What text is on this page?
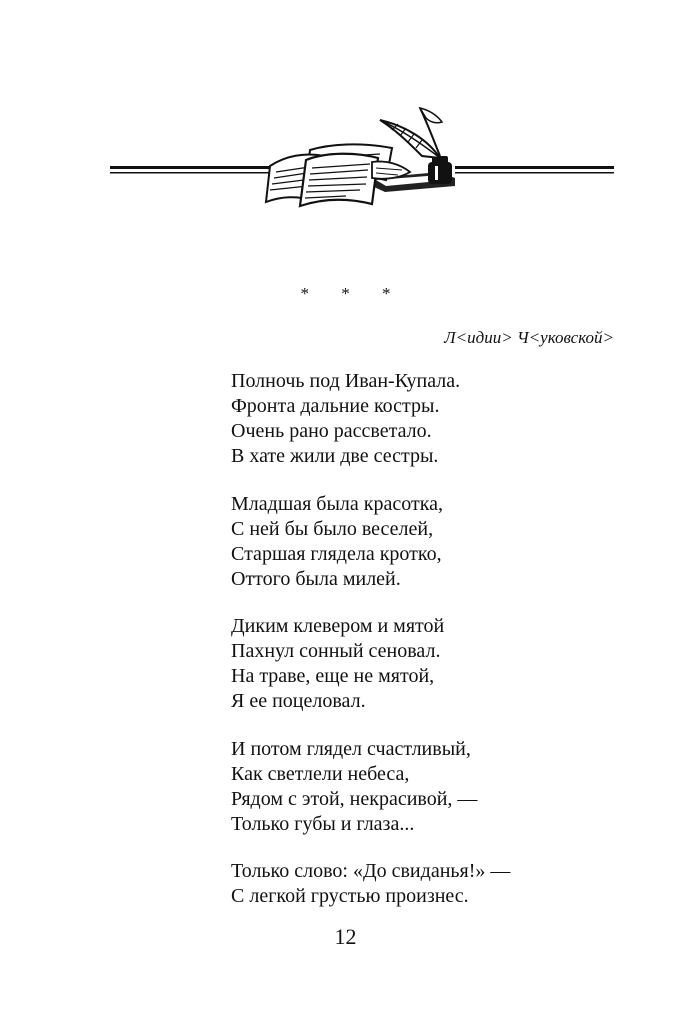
* * *
Л<идии> Ч<уковской>
Полночь под Иван-Купала.
Фронта дальние костры.
Очень рано рассветало.
В хате жили две сестры.
Младшая была красотка,
С ней бы было веселей,
Старшая глядела кротко,
Оттого была милей.
Диким клевером и мятой
Пахнул сонный сеновал.
На траве, еще не мятой,
Я ее поцеловал.
И потом глядел счастливый,
Как светлели небеса,
Рядом с этой, некрасивой, —
Только губы и глаза...
Только слово: «До свиданья!» —
С легкой грустью произнес.
12
